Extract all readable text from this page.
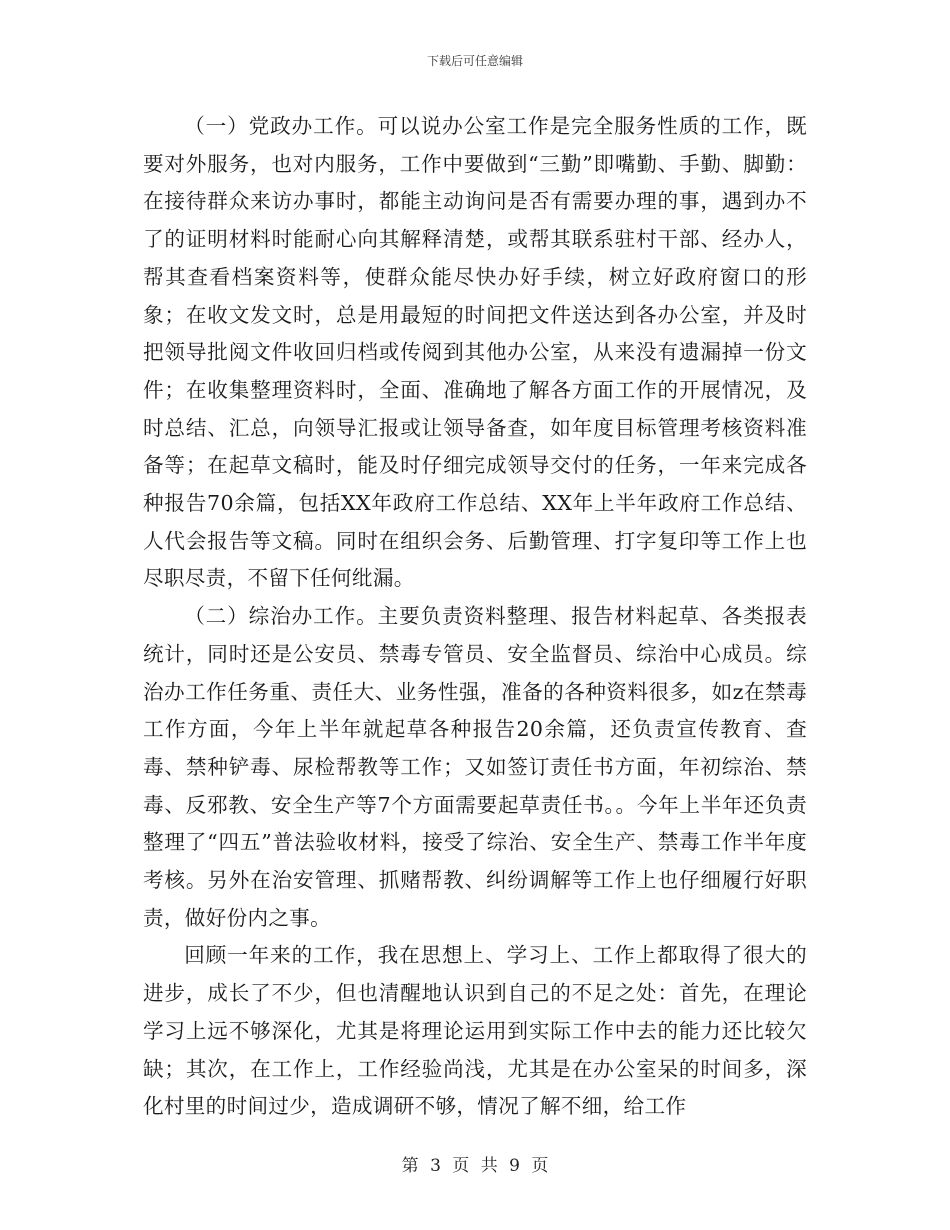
下载后可任意编辑

（一）党政办工作。可以说办公室工作是完全服务性质的工作，既要对外服务，也对内服务，工作中要做到“三勤”即嘴勤、手勤、脚勤：在接待群众来访办事时，都能主动询问是否有需要办理的事，遇到办不了的证明材料时能耐心向其解释清楚，或帮其联系驻村干部、经办人，帮其查看档案资料等，使群众能尽快办好手续，树立好政府窗口的形象；在收文发文时，总是用最短的时间把文件送达到各办公室，并及时把领导批阅文件收回归档或传阅到其他办公室，从来没有遗漏掉一份文件；在收集整理资料时，全面、准确地了解各方面工作的开展情况，及时总结、汇总，向领导汇报或让领导备查，如年度目标管理考核资料准备等；在起草文稿时，能及时仔细完成领导交付的任务，一年来完成各种报告70余篇，包括XX年政府工作总结、XX年上半年政府工作总结、人代会报告等文稿。同时在组织会务、后勤管理、打字复印等工作上也尽职尽责，不留下任何纰漏。

（二）综治办工作。主要负责资料整理、报告材料起草、各类报表统计，同时还是公安员、禁毒专管员、安全监督员、综治中心成员。综治办工作任务重、责任大、业务性强，准备的各种资料很多，如z在禁毒工作方面，今年上半年就起草各种报告20余篇，还负责宣传教育、查毒、禁种铲毒、尿检帮教等工作；又如签订责任书方面，年初综治、禁毒、反邪教、安全生产等7个方面需要起草责任书。。今年上半年还负责整理了“四五”普法验收材料，接受了综治、安全生产、禁毒工作半年度考核。另外在治安管理、抓赌帮教、纠纷调解等工作上也仔细履行好职责，做好份内之事。

回顾一年来的工作，我在思想上、学习上、工作上都取得了很大的进步，成长了不少，但也清醒地认识到自己的不足之处：首先，在理论学习上远不够深化，尤其是将理论运用到实际工作中去的能力还比较欠缺；其次，在工作上，工作经验尚浅，尤其是在办公室呆的时间多，深化村里的时间过少，造成调研不够，情况了解不细，给工作

第 3 页 共 9 页
